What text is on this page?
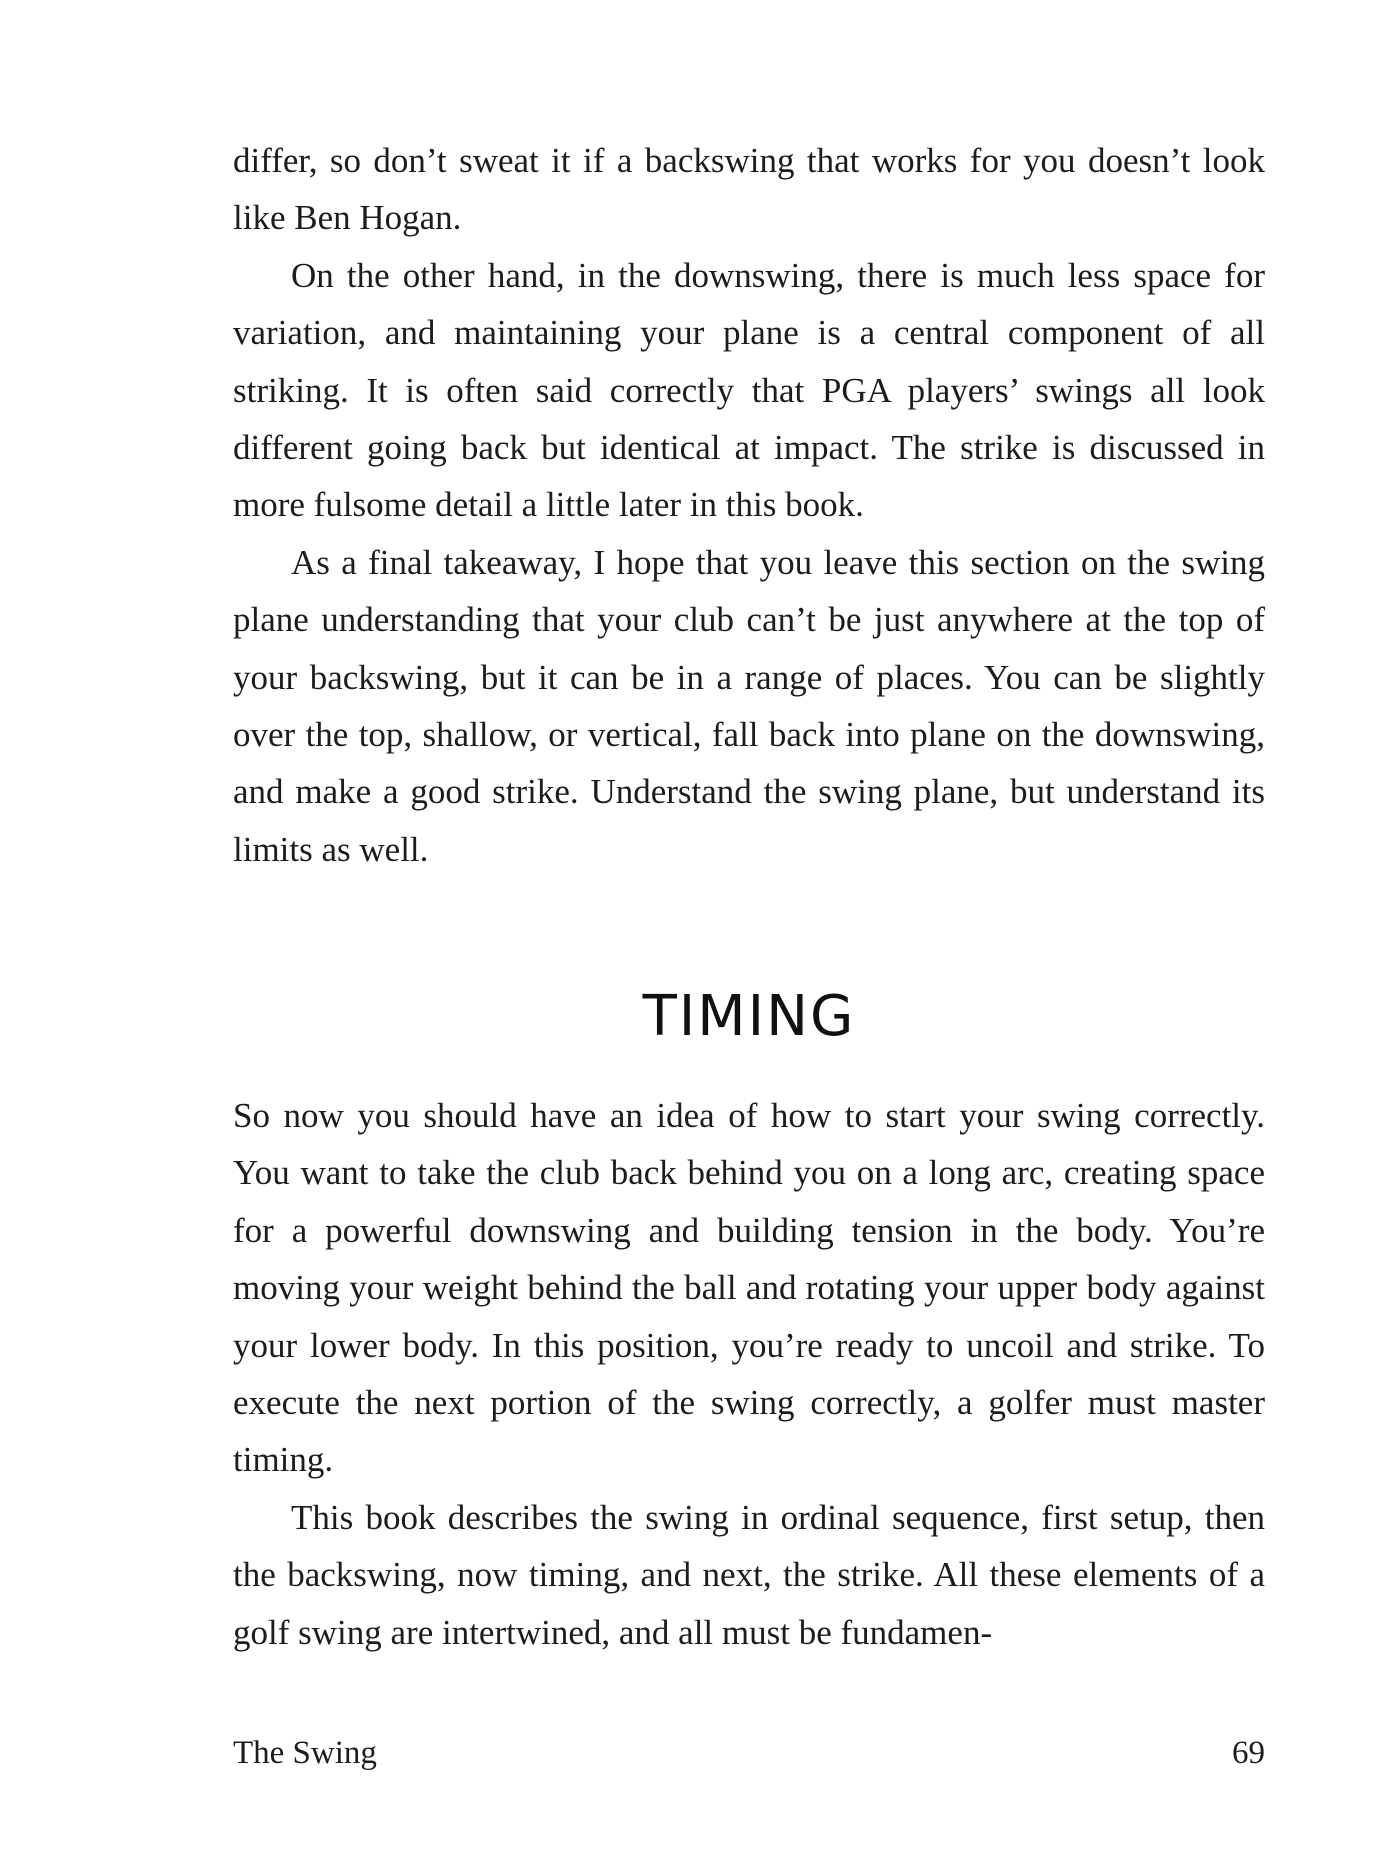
differ, so don’t sweat it if a backswing that works for you doesn’t look like Ben Hogan.

On the other hand, in the downswing, there is much less space for variation, and maintaining your plane is a central component of all striking. It is often said correctly that PGA players’ swings all look different going back but identical at impact. The strike is discussed in more fulsome detail a little later in this book.

As a final takeaway, I hope that you leave this section on the swing plane understanding that your club can’t be just anywhere at the top of your backswing, but it can be in a range of places. You can be slightly over the top, shallow, or vertical, fall back into plane on the downswing, and make a good strike. Understand the swing plane, but understand its limits as well.

TIMING

So now you should have an idea of how to start your swing correctly. You want to take the club back behind you on a long arc, creating space for a powerful downswing and building tension in the body. You’re moving your weight behind the ball and rotating your upper body against your lower body. In this position, you’re ready to uncoil and strike. To execute the next portion of the swing correctly, a golfer must master timing.

This book describes the swing in ordinal sequence, first setup, then the backswing, now timing, and next, the strike. All these elements of a golf swing are intertwined, and all must be fundamen-

The Swing	69
